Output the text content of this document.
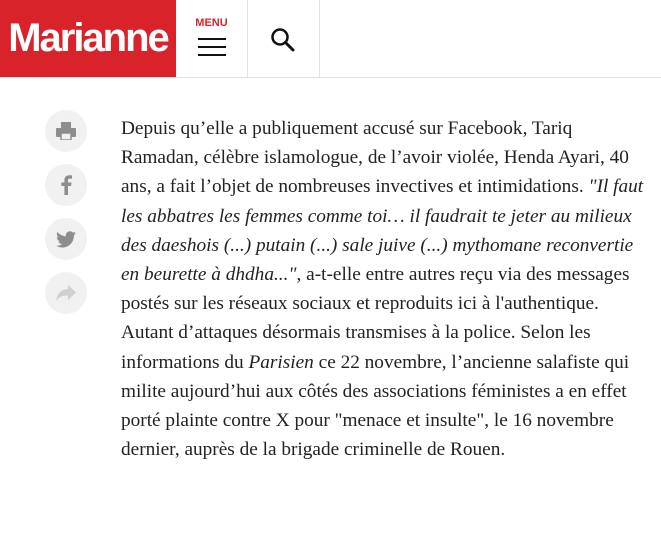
Marianne	MENU

Depuis qu’elle a publiquement accusé sur Facebook, Tariq Ramadan, célèbre islamologue, de l’avoir violée, Henda Ayari, 40 ans, a fait l’objet de nombreuses invectives et intimidations. "Il faut les abbatres les femmes comme toi… il faudrait te jeter au milieux des daeshois (...) putain (...) sale juive (...) mythomane reconvertie en beurette à dhdha...", a-t-elle entre autres reçu via des messages postés sur les réseaux sociaux et reproduits ici à l'authentique. Autant d’attaques désormais transmises à la police. Selon les informations du Parisien ce 22 novembre, l’ancienne salafiste qui milite aujourd’hui aux côtés des associations féministes a en effet porté plainte contre X pour "menace et insulte", le 16 novembre dernier, auprès de la brigade criminelle de Rouen.
